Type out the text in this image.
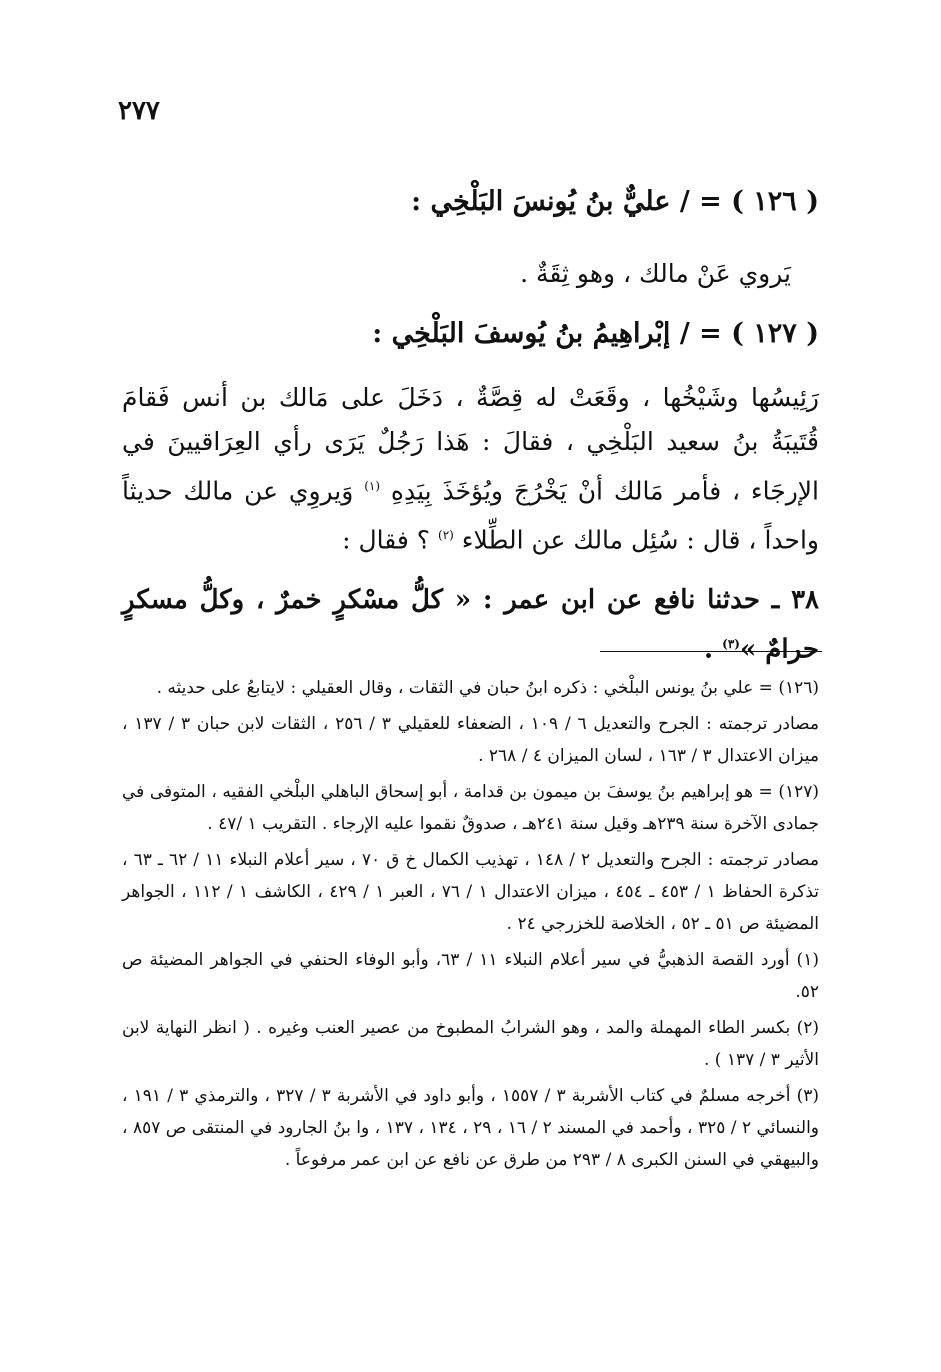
٢٧٧
( ١٢٦ ) = / عليٌّ بنُ يُونسَ البَلْخِي :
يَروي عَنْ مالك ، وهو ثِقَةٌ .
( ١٢٧ ) = / إبْراهِيمُ بنُ يُوسفَ البَلْخِي :
رَئِيسُها وشَيْخُها ، وقَعَتْ له قِصَّةٌ ، دَخَلَ على مَالك بن أنس فَقامَ قُتَيبَةُ بنُ سعيد البَلْخِي ، فقالَ : هَذا رَجُلٌ يَرَى رأي العِرَاقيينَ في الإرجَاء ، فأمر مَالك أنْ يَخْرُجَ ويُؤخَذَ بِيَدِهِ $^{(١)}$ وَيروِي عن مالك حديثاً واحداً ، قال : سُئِل مالك عن الطِّلاء $^{(٢)}$ ؟ فقال :
٣٨ ـ حدثنا نافع عن ابن عمر : « كلُّ مسْكرٍ خمرٌ ، وكلُّ مسكرٍ حرامٌ »$^{(٣)}$ .

(١٢٦) = علي بنُ يونس البلْخي : ذكره ابنُ حبان في الثقات ، وقال العقيلي : لايتابعُ على حديثه .

مصادر ترجمته : الجرح والتعديل ٦ / ١٠٩ ، الضعفاء للعقيلي ٣ / ٢٥٦ ، الثقات لابن حبان ٣ / ١٣٧ ، ميزان الاعتدال ٣ / ١٦٣ ، لسان الميزان ٤ / ٢٦٨ .

(١٢٧) = هو إبراهيم بنُ يوسفَ بن ميمون بن قدامة ، أبو إسحاق الباهلي البلْخي الفقيه ، المتوفى في جمادى الآخرة سنة ٢٣٩هـ وقيل سنة ٢٤١هـ ، صدوقٌ نقموا عليه الإرجاء . التقريب ١ /٤٧ .

مصادر ترجمته : الجرح والتعديل ٢ / ١٤٨ ، تهذيب الكمال خ ق ٧٠ ، سير أعلام النبلاء ١١ / ٦٢ ـ ٦٣ ، تذكرة الحفاظ ١ / ٤٥٣ ـ ٤٥٤ ، ميزان الاعتدال ١ / ٧٦ ، العبر ١ / ٤٢٩ ، الكاشف ١ / ١١٢ ، الجواهر المضيئة ص ٥١ ـ ٥٢ ، الخلاصة للخزرجي ٢٤ .

(١) أورد القصة الذهبيُّ في سير أعلام النبلاء ١١ / ٦٣، وأبو الوفاء الحنفي في الجواهر المضيئة ص ٥٢.

(٢) بكسر الطاء المهملة والمد ، وهو الشرابُ المطبوخ من عصير العنب وغيره . ( انظر النهاية لابن الأثير ٣ / ١٣٧ ) .

(٣) أخرجه مسلمٌ في كتاب الأشربة ٣ / ١٥٥٧ ، وأبو داود في الأشربة ٣ / ٣٢٧ ، والترمذي ٣ / ١٩١ ، والنسائي ٢ / ٣٢٥ ، وأحمد في المسند ٢ / ١٦ ، ٢٩ ، ١٣٤ ، ١٣٧ ، وا بنُ الجارود في المنتقى ص ٨٥٧ ، والبيهقي في السنن الكبرى ٨ / ٢٩٣ من طرق عن نافع عن ابن عمر مرفوعاً .
